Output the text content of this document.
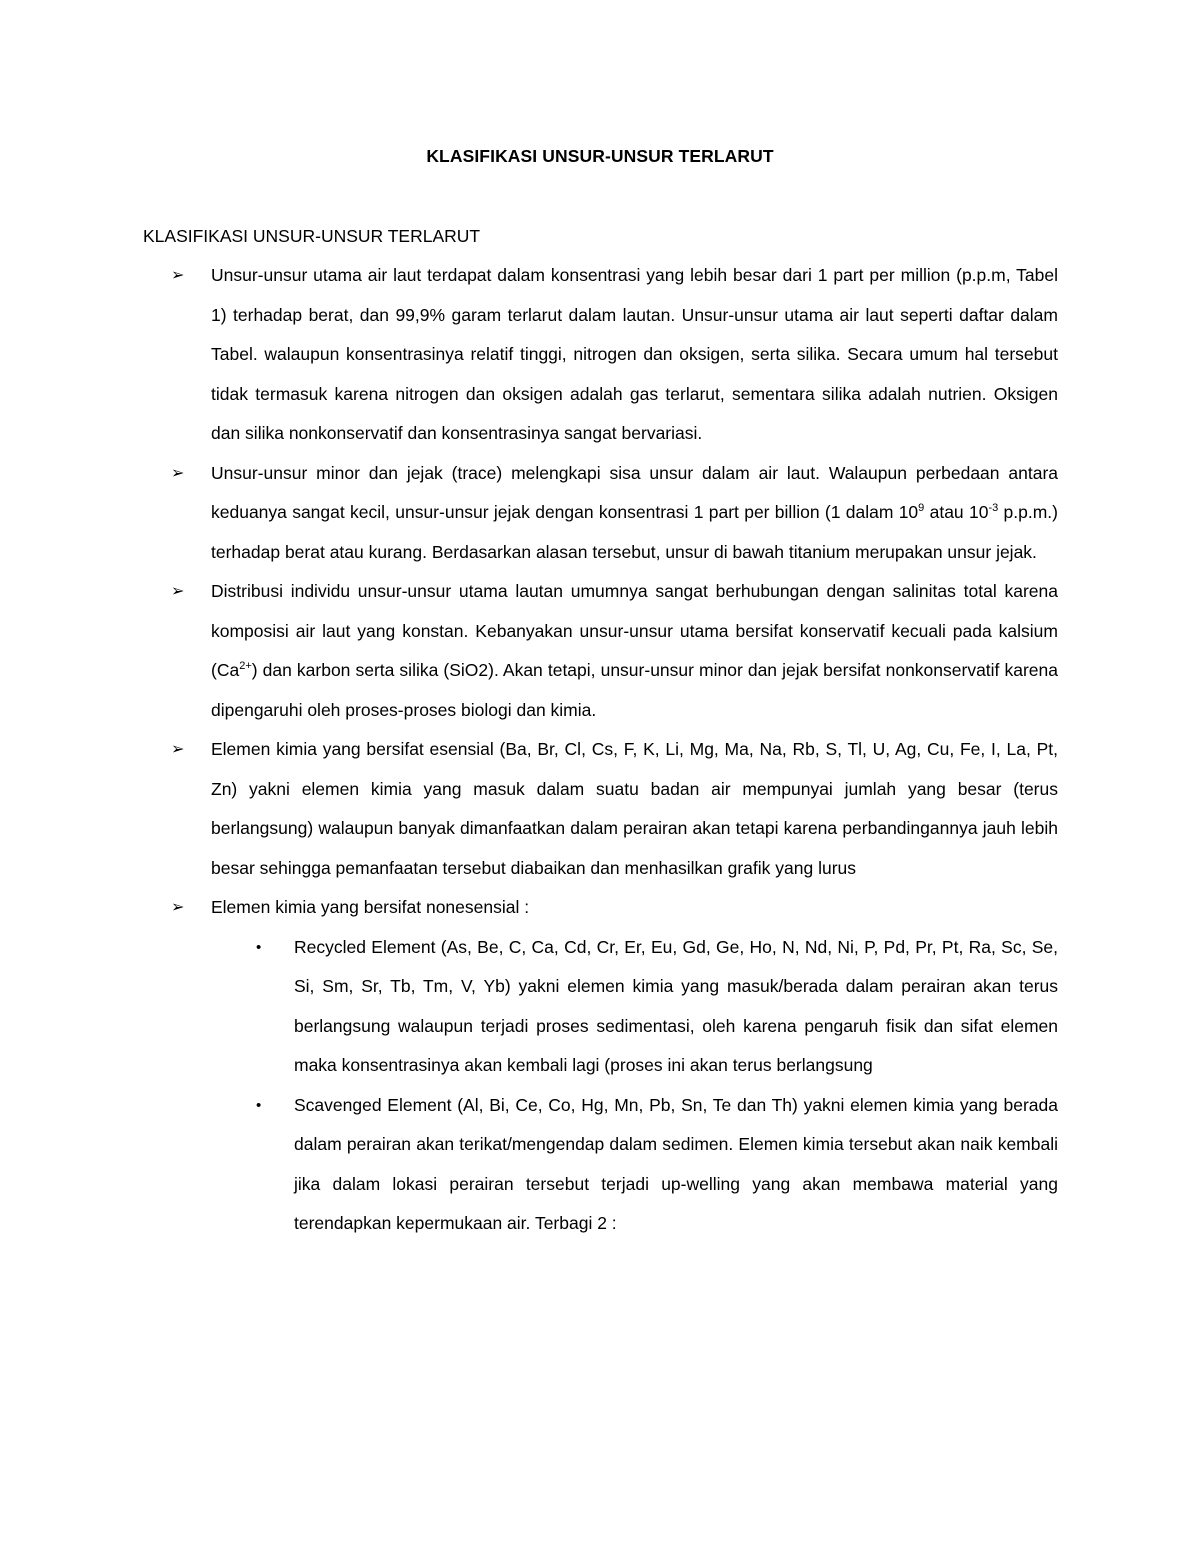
KLASIFIKASI UNSUR-UNSUR TERLARUT
KLASIFIKASI UNSUR-UNSUR TERLARUT
➢ Unsur-unsur utama air laut terdapat dalam konsentrasi yang lebih besar dari 1 part per million (p.p.m, Tabel 1) terhadap berat, dan 99,9% garam terlarut dalam lautan. Unsur-unsur utama air laut seperti daftar dalam Tabel. walaupun konsentrasinya relatif tinggi, nitrogen dan oksigen, serta silika. Secara umum hal tersebut tidak termasuk karena nitrogen dan oksigen adalah gas terlarut, sementara silika adalah nutrien. Oksigen dan silika nonkonservatif dan konsentrasinya sangat bervariasi.
➢ Unsur-unsur minor dan jejak (trace) melengkapi sisa unsur dalam air laut. Walaupun perbedaan antara keduanya sangat kecil, unsur-unsur jejak dengan konsentrasi 1 part per billion (1 dalam $10^9$ atau $10^{-3}$ p.p.m.) terhadap berat atau kurang. Berdasarkan alasan tersebut, unsur di bawah titanium merupakan unsur jejak.
➢ Distribusi individu unsur-unsur utama lautan umumnya sangat berhubungan dengan salinitas total karena komposisi air laut yang konstan. Kebanyakan unsur-unsur utama bersifat konservatif kecuali pada kalsium $(Ca^{2+})$ dan karbon serta silika (SiO2). Akan tetapi, unsur-unsur minor dan jejak bersifat nonkonservatif karena dipengaruhi oleh proses-proses biologi dan kimia.
➢ Elemen kimia yang bersifat esensial (Ba, Br, Cl, Cs, F, K, Li, Mg, Ma, Na, Rb, S, Tl, U, Ag, Cu, Fe, I, La, Pt, Zn) yakni elemen kimia yang masuk dalam suatu badan air mempunyai jumlah yang besar (terus berlangsung) walaupun banyak dimanfaatkan dalam perairan akan tetapi karena perbandingannya jauh lebih besar sehingga pemanfaatan tersebut diabaikan dan menhasilkan grafik yang lurus
➢ Elemen kimia yang bersifat nonesensial :
• Recycled Element (As, Be, C, Ca, Cd, Cr, Er, Eu, Gd, Ge, Ho, N, Nd, Ni, P, Pd, Pr, Pt, Ra, Sc, Se, Si, Sm, Sr, Tb, Tm, V, Yb) yakni elemen kimia yang masuk/berada dalam perairan akan terus berlangsung walaupun terjadi proses sedimentasi, oleh karena pengaruh fisik dan sifat elemen maka konsentrasinya akan kembali lagi (proses ini akan terus berlangsung
• Scavenged Element (Al, Bi, Ce, Co, Hg, Mn, Pb, Sn, Te dan Th) yakni elemen kimia yang berada dalam perairan akan terikat/mengendap dalam sedimen. Elemen kimia tersebut akan naik kembali jika dalam lokasi perairan tersebut terjadi up-welling yang akan membawa material yang terendapkan kepermukaan air. Terbagi 2 :
